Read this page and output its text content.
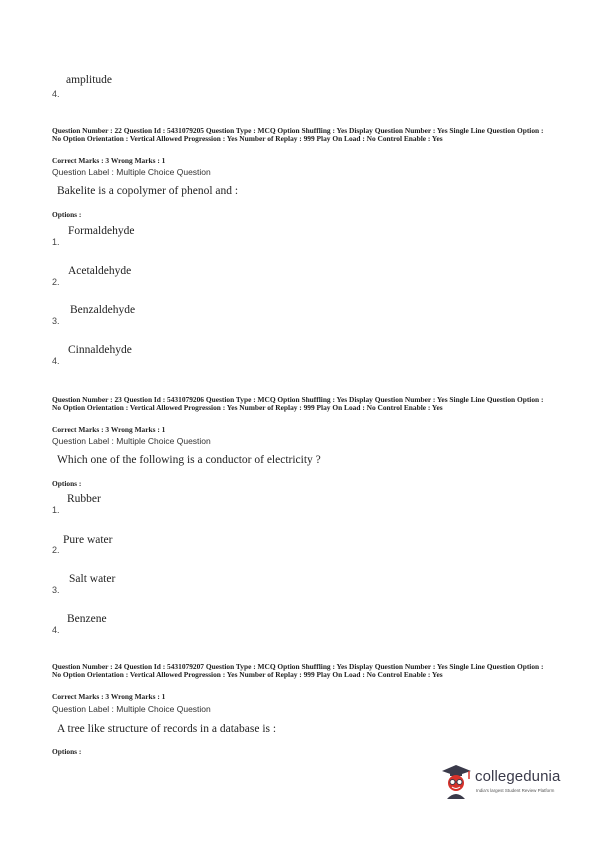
amplitude
4.
Question Number : 22 Question Id : 5431079205 Question Type : MCQ Option Shuffling : Yes Display Question Number : Yes Single Line Question Option : No Option Orientation : Vertical Allowed Progression : Yes Number of Replay : 999 Play On Load : No Control Enable : Yes
Correct Marks : 3 Wrong Marks : 1
Question Label : Multiple Choice Question
Bakelite is a copolymer of phenol and :
Options :
Formaldehyde
1.
Acetaldehyde
2.
Benzaldehyde
3.
Cinnaldehyde
4.
Question Number : 23 Question Id : 5431079206 Question Type : MCQ Option Shuffling : Yes Display Question Number : Yes Single Line Question Option : No Option Orientation : Vertical Allowed Progression : Yes Number of Replay : 999 Play On Load : No Control Enable : Yes
Correct Marks : 3 Wrong Marks : 1
Question Label : Multiple Choice Question
Which one of the following is a conductor of electricity ?
Options :
Rubber
1.
Pure water
2.
Salt water
3.
Benzene
4.
Question Number : 24 Question Id : 5431079207 Question Type : MCQ Option Shuffling : Yes Display Question Number : Yes Single Line Question Option : No Option Orientation : Vertical Allowed Progression : Yes Number of Replay : 999 Play On Load : No Control Enable : Yes
Correct Marks : 3 Wrong Marks : 1
Question Label : Multiple Choice Question
A tree like structure of records in a database is :
Options :
collegedunia
India's largest Student Review Platform
